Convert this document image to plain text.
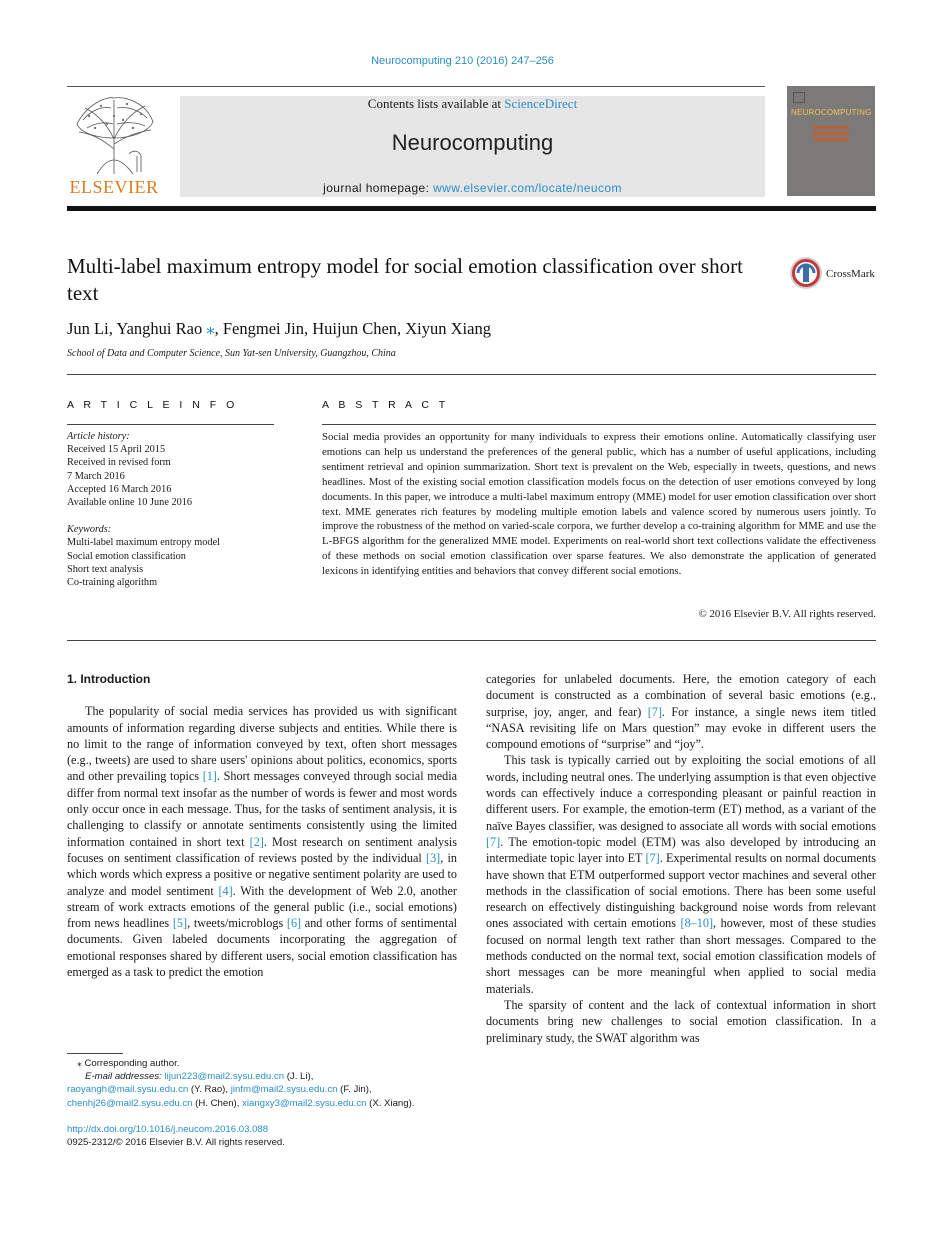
Neurocomputing 210 (2016) 247–256
ELSEVIER
Contents lists available at ScienceDirect
Neurocomputing
journal homepage: www.elsevier.com/locate/neucom
NEUROCOMPUTING
Multi-label maximum entropy model for social emotion classification over short text
CrossMark
Jun Li, Yanghui Rao ⁎, Fengmei Jin, Huijun Chen, Xiyun Xiang
School of Data and Computer Science, Sun Yat-sen University, Guangzhou, China
A R T I C L E I N F O
Article history:
Received 15 April 2015
Received in revised form
7 March 2016
Accepted 16 March 2016
Available online 10 June 2016
Keywords:
Multi-label maximum entropy model
Social emotion classification
Short text analysis
Co-training algorithm
A B S T R A C T
Social media provides an opportunity for many individuals to express their emotions online. Automatically classifying user emotions can help us understand the preferences of the general public, which has a number of useful applications, including sentiment retrieval and opinion summarization. Short text is prevalent on the Web, especially in tweets, questions, and news headlines. Most of the existing social emotion classification models focus on the detection of user emotions conveyed by long documents. In this paper, we introduce a multi-label maximum entropy (MME) model for user emotion classification over short text. MME generates rich features by modeling multiple emotion labels and valence scored by numerous users jointly. To improve the robustness of the method on varied-scale corpora, we further develop a co-training algorithm for MME and use the L-BFGS algorithm for the generalized MME model. Experiments on real-world short text collections validate the effectiveness of these methods on social emotion classification over sparse features. We also demonstrate the application of generated lexicons in identifying entities and behaviors that convey different social emotions.
© 2016 Elsevier B.V. All rights reserved.
1. Introduction

The popularity of social media services has provided us with significant amounts of information regarding diverse subjects and entities. While there is no limit to the range of information conveyed by text, often short messages (e.g., tweets) are used to share users' opinions about politics, economics, sports and other prevailing topics [1]. Short messages conveyed through social media differ from normal text insofar as the number of words is fewer and most words only occur once in each message. Thus, for the tasks of sentiment analysis, it is challenging to classify or annotate sentiments consistently using the limited information contained in short text [2]. Most research on sentiment analysis focuses on sentiment classification of reviews posted by the individual [3], in which words which express a positive or negative sentiment polarity are used to analyze and model sentiment [4]. With the development of Web 2.0, another stream of work extracts emotions of the general public (i.e., social emotions) from news headlines [5], tweets/microblogs [6] and other forms of sentimental documents. Given labeled documents incorporating the aggregation of emotional responses shared by different users, social emotion classification has emerged as a task to predict the emotion

categories for unlabeled documents. Here, the emotion category of each document is constructed as a combination of several basic emotions (e.g., surprise, joy, anger, and fear) [7]. For instance, a single news item titled “NASA revisiting life on Mars question” may evoke in different users the compound emotions of “surprise” and “joy”.

This task is typically carried out by exploiting the social emotions of all words, including neutral ones. The underlying assumption is that even objective words can effectively induce a corresponding pleasant or painful reaction in different users. For example, the emotion-term (ET) method, as a variant of the naïve Bayes classifier, was designed to associate all words with social emotions [7]. The emotion-topic model (ETM) was also developed by introducing an intermediate topic layer into ET [7]. Experimental results on normal documents have shown that ETM outperformed support vector machines and several other methods in the classification of social emotions. There has been some useful research on effectively distinguishing background noise words from relevant ones associated with certain emotions [8–10], however, most of these studies focused on normal length text rather than short messages. Compared to the methods conducted on the normal text, social emotion classification models of short messages can be more meaningful when applied to social media materials.

The sparsity of content and the lack of contextual information in short documents bring new challenges to social emotion classification. In a preliminary study, the SWAT algorithm was

⁎ Corresponding author.
E-mail addresses: lijun223@mail2.sysu.edu.cn (J. Li),
raoyangh@mail.sysu.edu.cn (Y. Rao), jinfm@mail2.sysu.edu.cn (F. Jin),
chenhj26@mail2.sysu.edu.cn (H. Chen), xiangxy3@mail2.sysu.edu.cn (X. Xiang).
http://dx.doi.org/10.1016/j.neucom.2016.03.088
0925-2312/© 2016 Elsevier B.V. All rights reserved.
